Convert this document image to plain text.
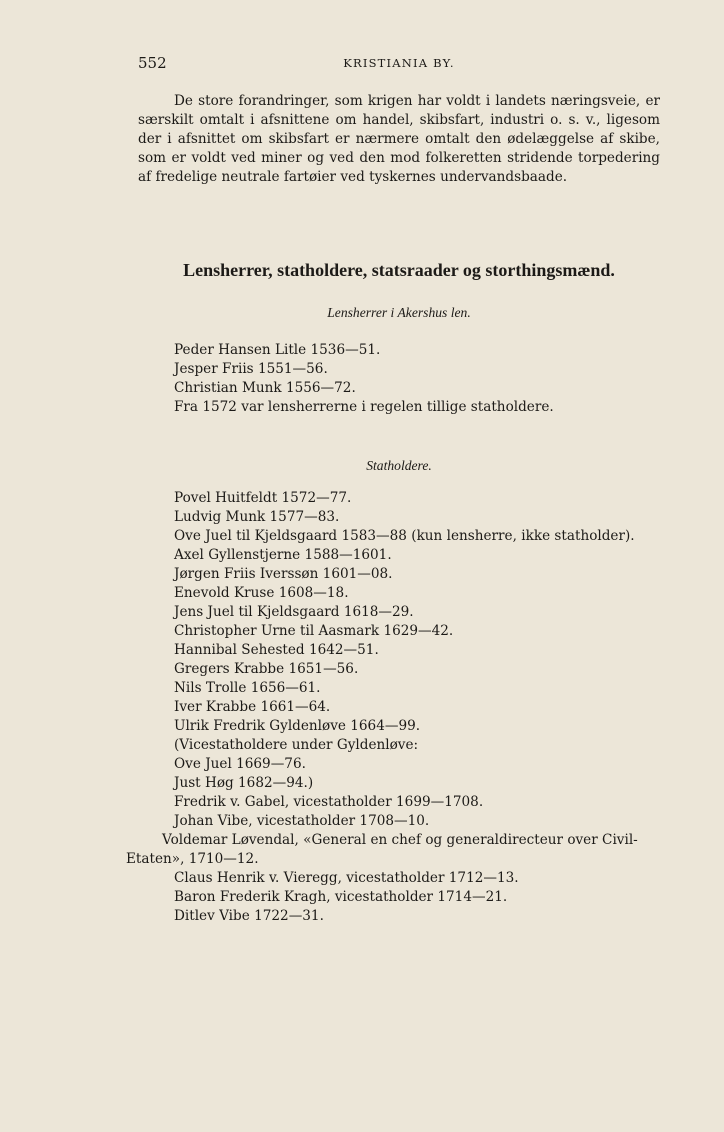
552	KRISTIANIA BY.

De store forandringer, som krigen har voldt i landets næringsveie, er særskilt omtalt i afsnittene om handel, skibsfart, industri o. s. v., ligesom der i afsnittet om skibsfart er nærmere omtalt den ødelæggelse af skibe, som er voldt ved miner og ved den mod folkeretten stridende torpedering af fredelige neutrale fartøier ved tyskernes undervandsbaade.

Lensherrer, statholdere, statsraader og storthingsmænd.
Lensherrer i Akershus len.
Peder Hansen Litle 1536—51.
Jesper Friis 1551—56.
Christian Munk 1556—72.
Fra 1572 var lensherrerne i regelen tillige statholdere.
Statholdere.
Povel Huitfeldt 1572—77.
Ludvig Munk 1577—83.
Ove Juel til Kjeldsgaard 1583—88 (kun lensherre, ikke statholder).
Axel Gyllenstjerne 1588—1601.
Jørgen Friis Iverssøn 1601—08.
Enevold Kruse 1608—18.
Jens Juel til Kjeldsgaard 1618—29.
Christopher Urne til Aasmark 1629—42.
Hannibal Sehested 1642—51.
Gregers Krabbe 1651—56.
Nils Trolle 1656—61.
Iver Krabbe 1661—64.
Ulrik Fredrik Gyldenløve 1664—99.
(Vicestatholdere under Gyldenløve:
Ove Juel 1669—76.
Just Høg 1682—94.)
Fredrik v. Gabel, vicestatholder 1699—1708.
Johan Vibe, vicestatholder 1708—10.
Voldemar Løvendal, «General en chef og generaldirecteur over Civil-Etaten», 1710—12.
Claus Henrik v. Vieregg, vicestatholder 1712—13.
Baron Frederik Kragh, vicestatholder 1714—21.
Ditlev Vibe 1722—31.
